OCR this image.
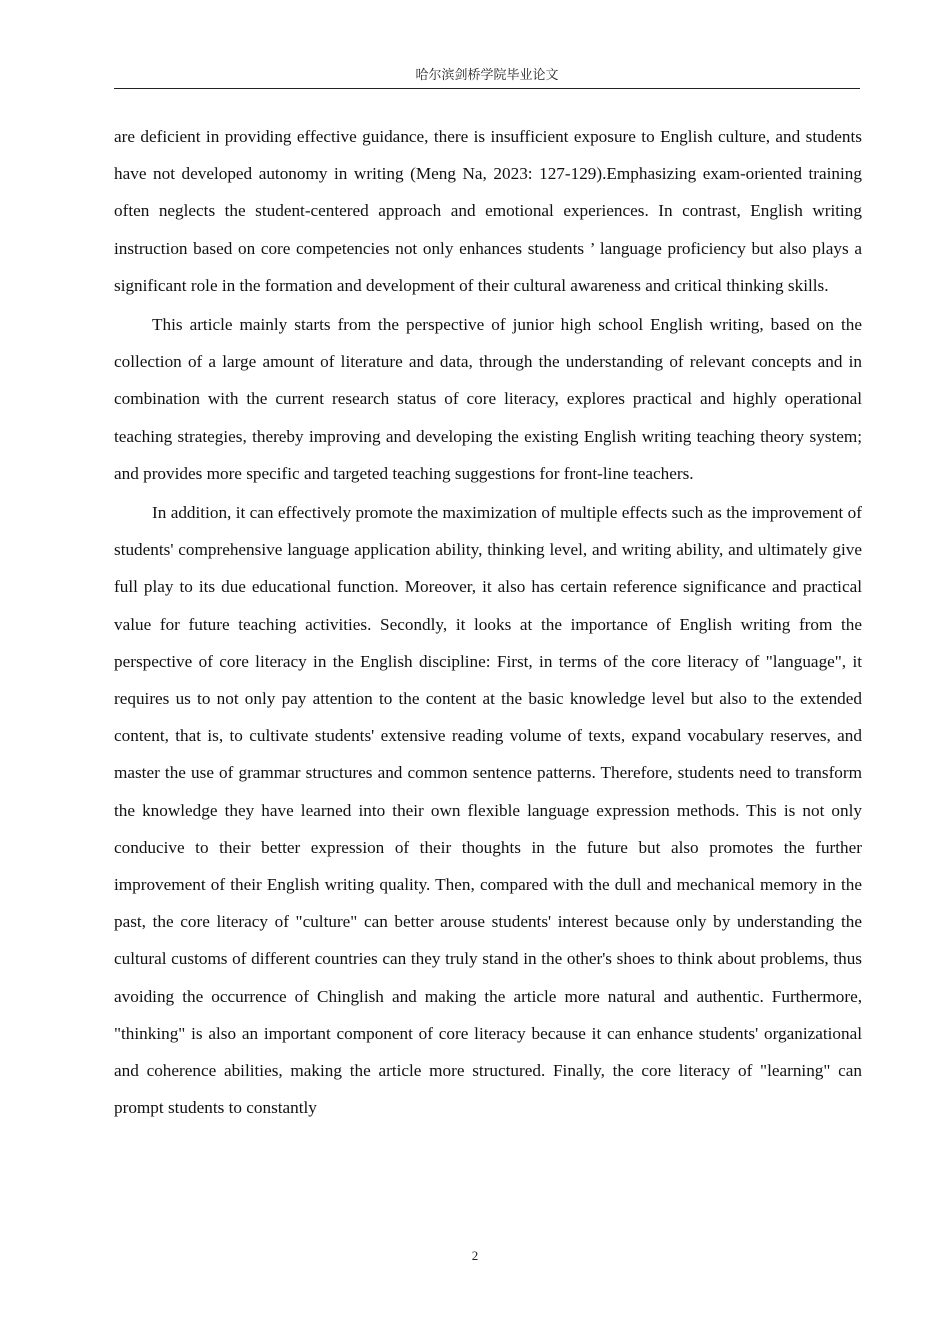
哈尔滨剑桥学院毕业论文

are deficient in providing effective guidance, there is insufficient exposure to English culture, and students have not developed autonomy in writing (Meng Na, 2023: 127-129).Emphasizing exam-oriented training often neglects the student-centered approach and emotional experiences. In contrast, English writing instruction based on core competencies not only enhances students ’ language proficiency but also plays a significant role in the formation and development of their cultural awareness and critical thinking skills.

This article mainly starts from the perspective of junior high school English writing, based on the collection of a large amount of literature and data, through the understanding of relevant concepts and in combination with the current research status of core literacy, explores practical and highly operational teaching strategies, thereby improving and developing the existing English writing teaching theory system; and provides more specific and targeted teaching suggestions for front-line teachers.

In addition, it can effectively promote the maximization of multiple effects such as the improvement of students' comprehensive language application ability, thinking level, and writing ability, and ultimately give full play to its due educational function. Moreover, it also has certain reference significance and practical value for future teaching activities. Secondly, it looks at the importance of English writing from the perspective of core literacy in the English discipline: First, in terms of the core literacy of "language", it requires us to not only pay attention to the content at the basic knowledge level but also to the extended content, that is, to cultivate students' extensive reading volume of texts, expand vocabulary reserves, and master the use of grammar structures and common sentence patterns. Therefore, students need to transform the knowledge they have learned into their own flexible language expression methods. This is not only conducive to their better expression of their thoughts in the future but also promotes the further improvement of their English writing quality. Then, compared with the dull and mechanical memory in the past, the core literacy of "culture" can better arouse students' interest because only by understanding the cultural customs of different countries can they truly stand in the other's shoes to think about problems, thus avoiding the occurrence of Chinglish and making the article more natural and authentic. Furthermore, "thinking" is also an important component of core literacy because it can enhance students' organizational and coherence abilities, making the article more structured. Finally, the core literacy of "learning" can prompt students to constantly

2
